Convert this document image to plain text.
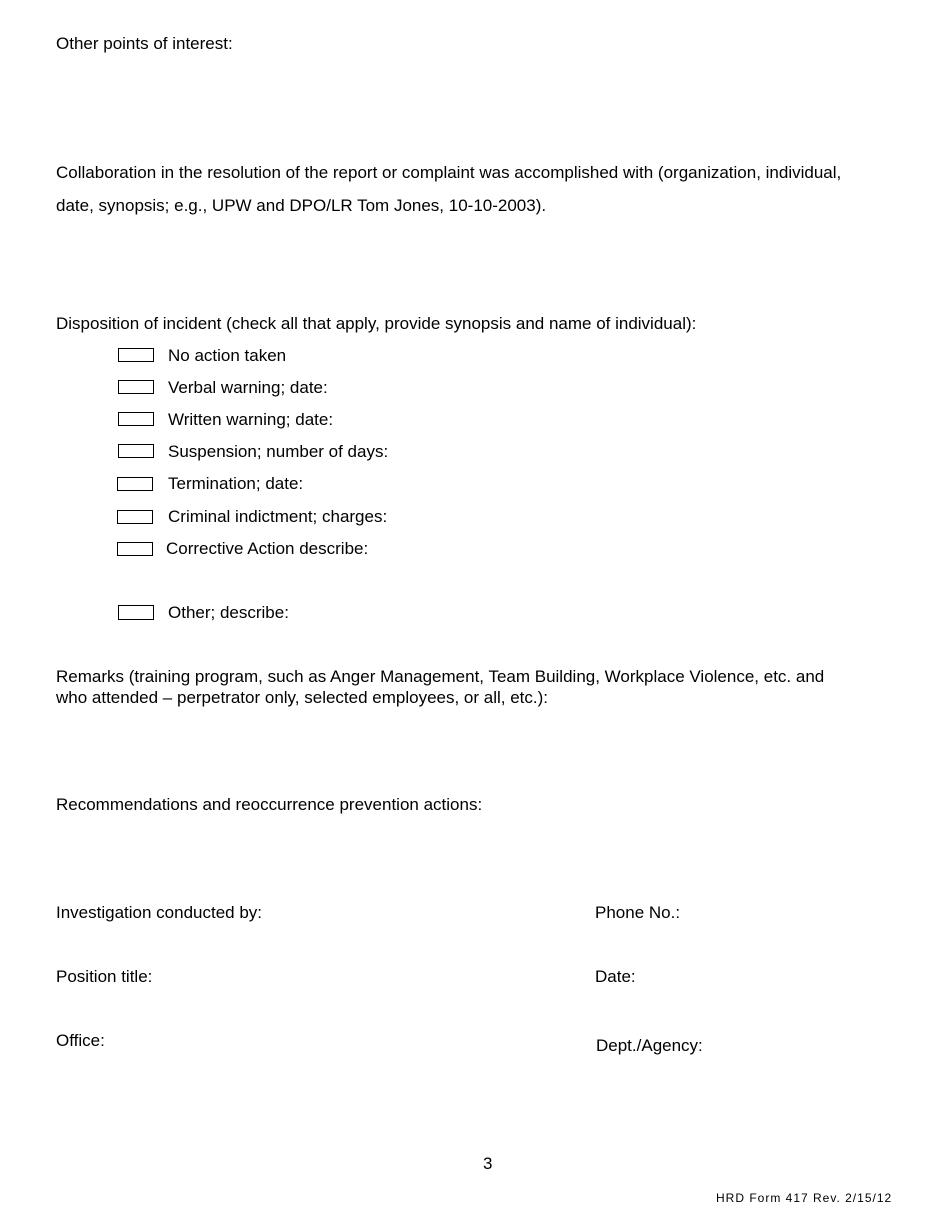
Other points of interest:
Collaboration in the resolution of the report or complaint was accomplished with (organization, individual,
date, synopsis; e.g., UPW and DPO/LR Tom Jones, 10-10-2003).
Disposition of incident (check all that apply, provide synopsis and name of individual):
No action taken
Verbal warning; date:
Written warning; date:
Suspension; number of days:
Termination; date:
Criminal indictment; charges:
Corrective Action describe:
Other; describe:
Remarks (training program, such as Anger Management, Team Building, Workplace Violence, etc. and
who attended – perpetrator only, selected employees, or all, etc.):
Recommendations and reoccurrence prevention actions:
Investigation conducted by:	Phone No.:
Position title:	Date:
Office:	Dept./Agency:
3
HRD Form 417 Rev. 2/15/12
